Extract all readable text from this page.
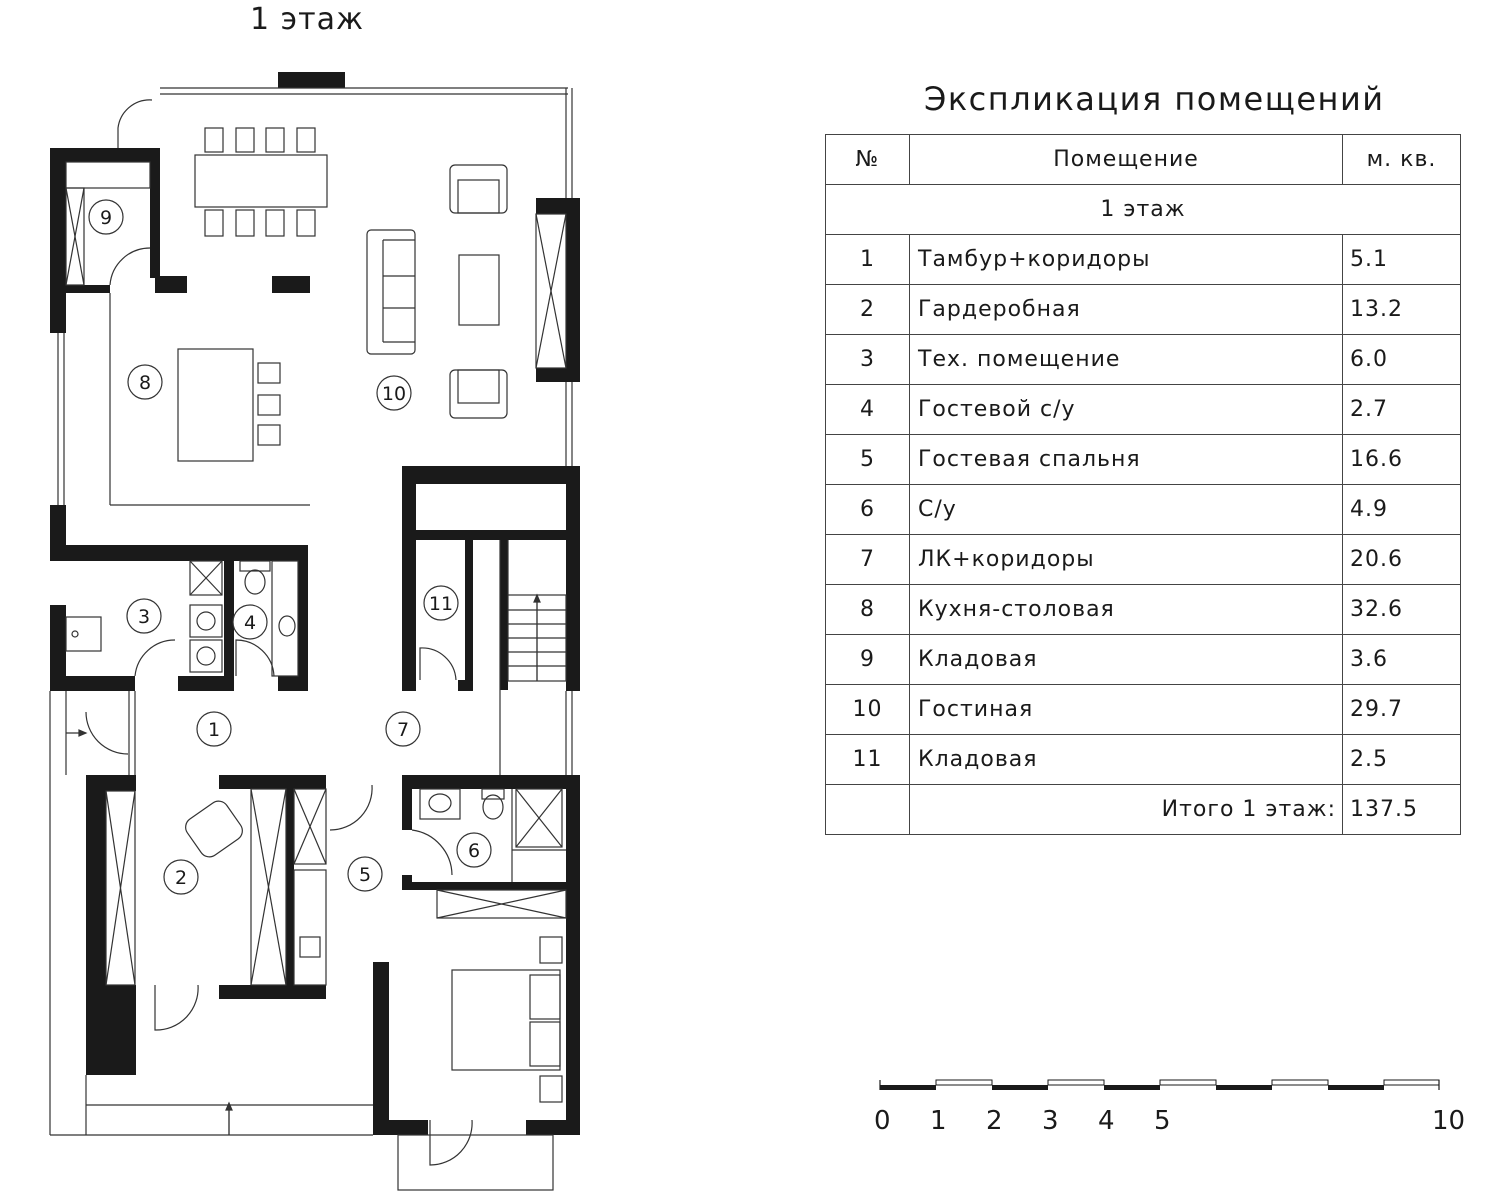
1 этаж
1
2
3	4
5
6
7
8
9
10
11
Экспликация помещений
№	Помещение	м. кв.
1 этаж		
1	Тамбур+коридоры	5.1
2	Гардеробная	13.2
3	Тех. помещение	6.0
4	Гостевой с/у	2.7
5	Гостевая спальня	16.6
6	С/у	4.9
7	ЛК+коридоры	20.6
8	Кухня-столовая	32.6
9	Кладовая	3.6
10	Гостиная	29.7
11	Кладовая	2.5
	Итого 1 этаж:	137.5
0 1 2 3 4 5	10
